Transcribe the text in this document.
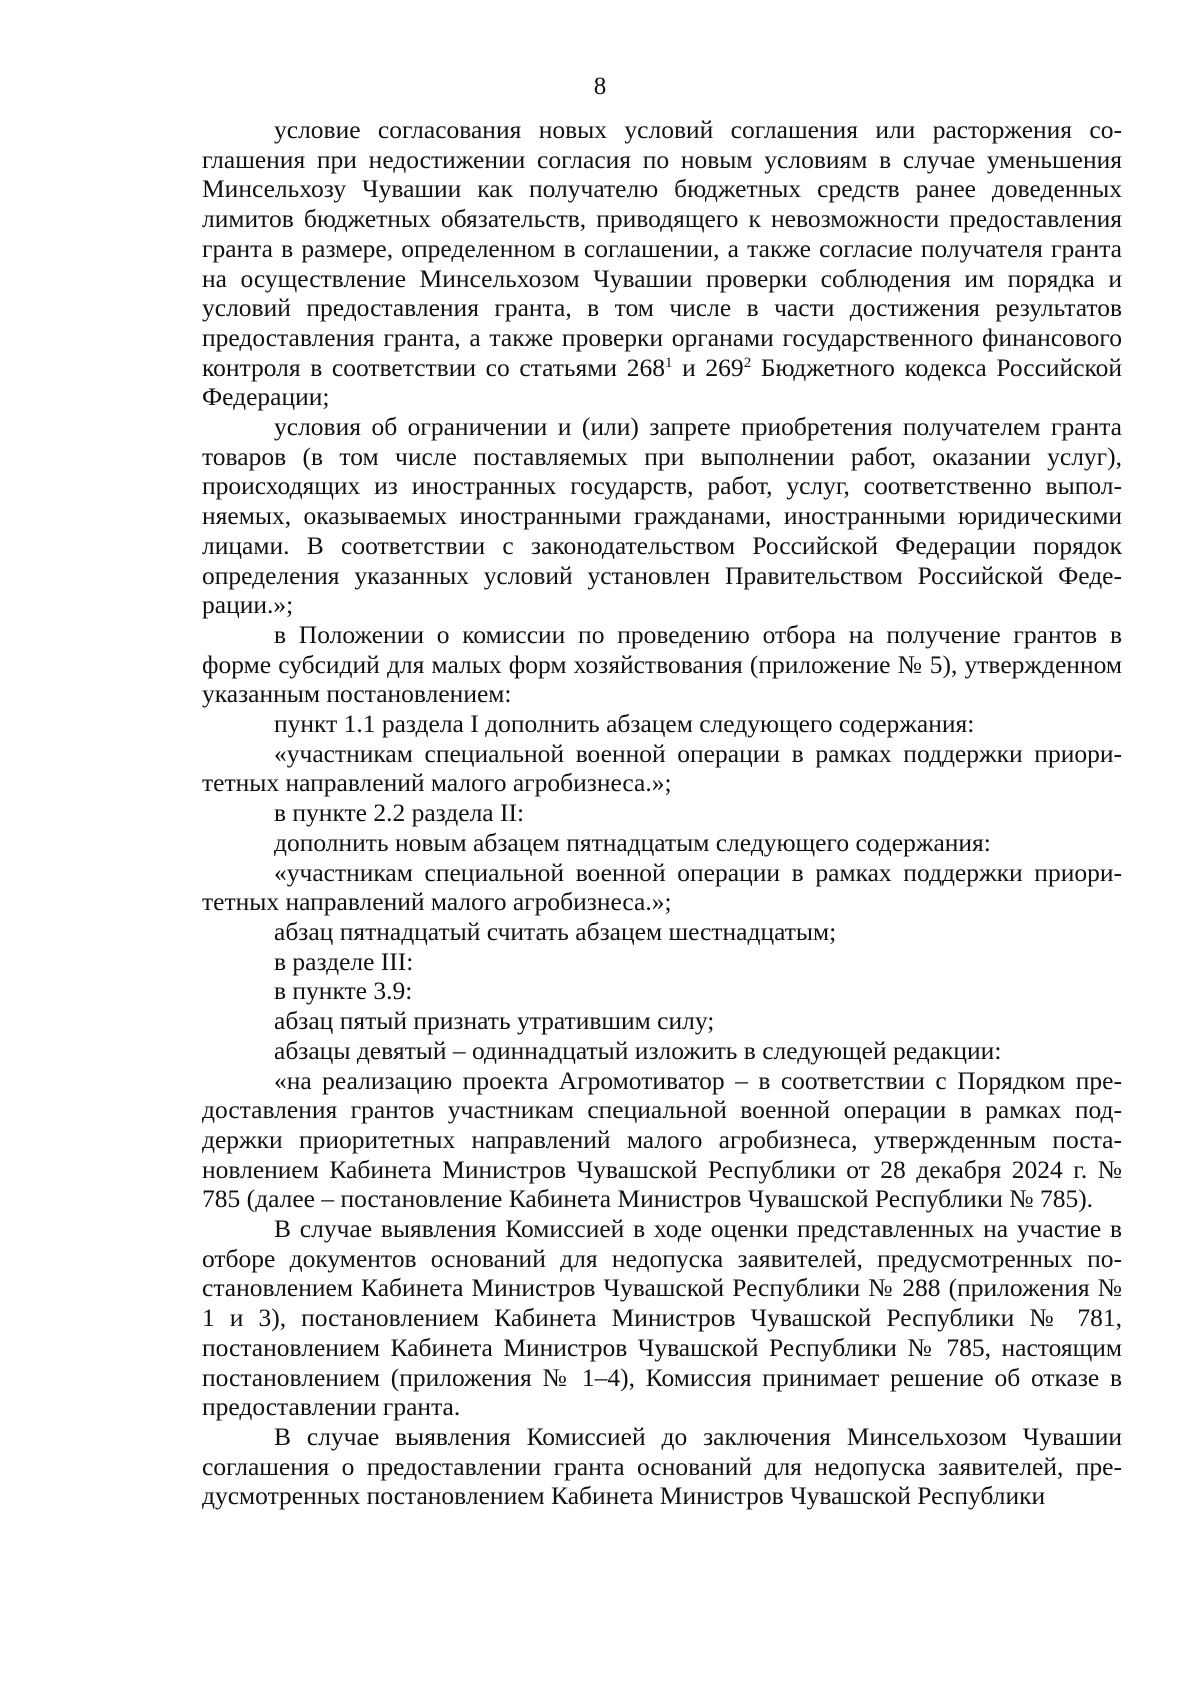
8

условие согласования новых условий соглашения или расторжения соглашения при недостижении согласия по новым условиям в случае уменьшения Минсельхозу Чувашии как получателю бюджетных средств ранее доведенных лимитов бюджетных обязательств, приводящего к невозможности предоставления гранта в размере, определенном в соглашении, а также согласие получателя гранта на осуществление Минсельхозом Чувашии проверки соблюдения им порядка и условий предоставления гранта, в том числе в части достижения результатов предоставления гранта, а также проверки органами государственного финансового контроля в соответствии со статьями $268^1$ и $269^2$ Бюджетного кодекса Российской Федерации;

условия об ограничении и (или) запрете приобретения получателем гранта товаров (в том числе поставляемых при выполнении работ, оказании услуг), происходящих из иностранных государств, работ, услуг, соответственно выполняемых, оказываемых иностранными гражданами, иностранными юридическими лицами. В соответствии с законодательством Российской Федерации порядок определения указанных условий установлен Правительством Российской Федерации.»;

в Положении о комиссии по проведению отбора на получение грантов в форме субсидий для малых форм хозяйствования (приложение № 5), утвержденном указанным постановлением:

пункт 1.1 раздела I дополнить абзацем следующего содержания:

«участникам специальной военной операции в рамках поддержки приоритетных направлений малого агробизнеса.»;

в пункте 2.2 раздела II:

дополнить новым абзацем пятнадцатым следующего содержания:

«участникам специальной военной операции в рамках поддержки приоритетных направлений малого агробизнеса.»;

абзац пятнадцатый считать абзацем шестнадцатым;

в разделе III:

в пункте 3.9:

абзац пятый признать утратившим силу;

абзацы девятый – одиннадцатый изложить в следующей редакции:

«на реализацию проекта Агромотиватор – в соответствии с Порядком предоставления грантов участникам специальной военной операции в рамках поддержки приоритетных направлений малого агробизнеса, утвержденным постановлением Кабинета Министров Чувашской Республики от 28 декабря 2024 г. № 785 (далее – постановление Кабинета Министров Чувашской Республики № 785).

В случае выявления Комиссией в ходе оценки представленных на участие в отборе документов оснований для недопуска заявителей, предусмотренных постановлением Кабинета Министров Чувашской Республики № 288 (приложения № 1 и 3), постановлением Кабинета Министров Чувашской Республики № 781, постановлением Кабинета Министров Чувашской Республики № 785, настоящим постановлением (приложения № 1–4), Комиссия принимает решение об отказе в предоставлении гранта.

В случае выявления Комиссией до заключения Минсельхозом Чувашии соглашения о предоставлении гранта оснований для недопуска заявителей, предусмотренных постановлением Кабинета Министров Чувашской Республики
